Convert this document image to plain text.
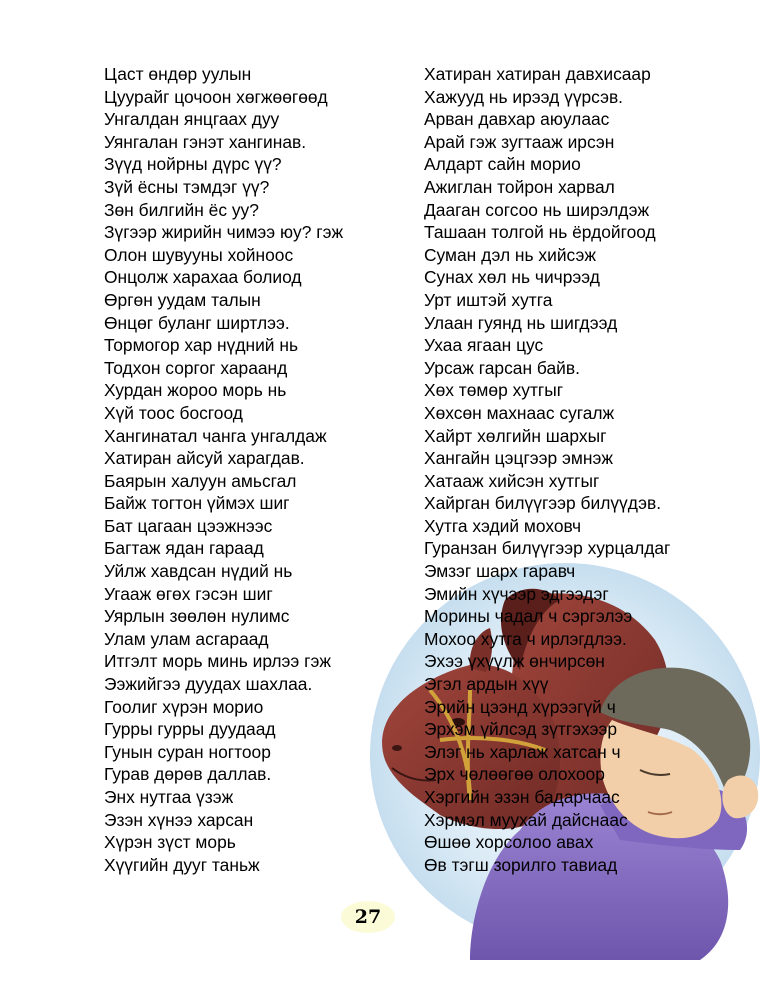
Цаст өндөр уулын
Цуурайг цочоон хөгжөөгөөд
Унгалдан янцгаах дуу
Уянгалан гэнэт хангинав.
Зүүд нойрны дүрс үү?
Зүй ёсны тэмдэг үү?
Зөн билгийн ёс уу?
Зүгээр жирийн чимээ юу? гэж
Олон шувууны хойноос
Онцолж харахаа болиод
Өргөн уудам талын
Өнцөг буланг ширтлээ.
Тормогор хар нүдний нь
Тодхон соргог хараанд
Хурдан жороо морь нь
Хүй тоос босгоод
Хангинатал чанга унгалдаж
Хатиран айсуй харагдав.
Баярын халуун амьсгал
Байж тогтон үймэх шиг
Бат цагаан цээжнээс
Багтаж ядан гараад
Уйлж хавдсан нүдий нь
Угааж өгөх гэсэн шиг
Уярлын зөөлөн нулимс
Улам улам асгараад
Итгэлт морь минь ирлээ гэж
Ээжийгээ дуудах шахлаа.
Гоолиг хүрэн морио
Гурры гурры дуудаад
Гунын суран ногтоор
Гурав дөрөв даллав.
Энх нутгаа үзэж
Эзэн хүнээ харсан
Хүрэн зүст морь
Хүүгийн дууг таньж
Хатиран хатиран давхисаар
Хажууд нь ирээд үүрсэв.
Арван давхар аюулаас
Арай гэж зугтааж ирсэн
Алдарт сайн морио
Ажиглан тойрон харвал
Дааган согсоо нь ширэлдэж
Ташаан толгой нь ёрдойгоод
Суман дэл нь хийсэж
Сунах хөл нь чичрээд
Урт иштэй хутга
Улаан гуянд нь шигдээд
Ухаа ягаан цус
Урсаж гарсан байв.
Хөх төмөр хутгыг
Хөхсөн махнаас сугалж
Хайрт хөлгийн шархыг
Хангайн цэцгээр эмнэж
Хатааж хийсэн хутгыг
Хайрган билүүгээр билүүдэв.
Хутга хэдий моховч
Гуранзан билүүгээр хурцалдаг
Эмзэг шарх гаравч
Эмийн хүчээр эдгээдэг
Морины чадал ч сэргэлээ
Мохоо хутга ч ирлэгдлээ.
Эхээ үхүүлж өнчирсөн
Эгэл ардын хүү
Эрийн цээнд хүрээгүй ч
Эрхэм үйлсэд зүтгэхээр
Элэг нь харлаж хатсан ч
Эрх чөлөөгөө олохоор
Хэргийн эзэн бадарчаас
Хэрмэл муухай дайснаас
Өшөө хорсолоо авах
Өв тэгш зорилго тавиад
27
